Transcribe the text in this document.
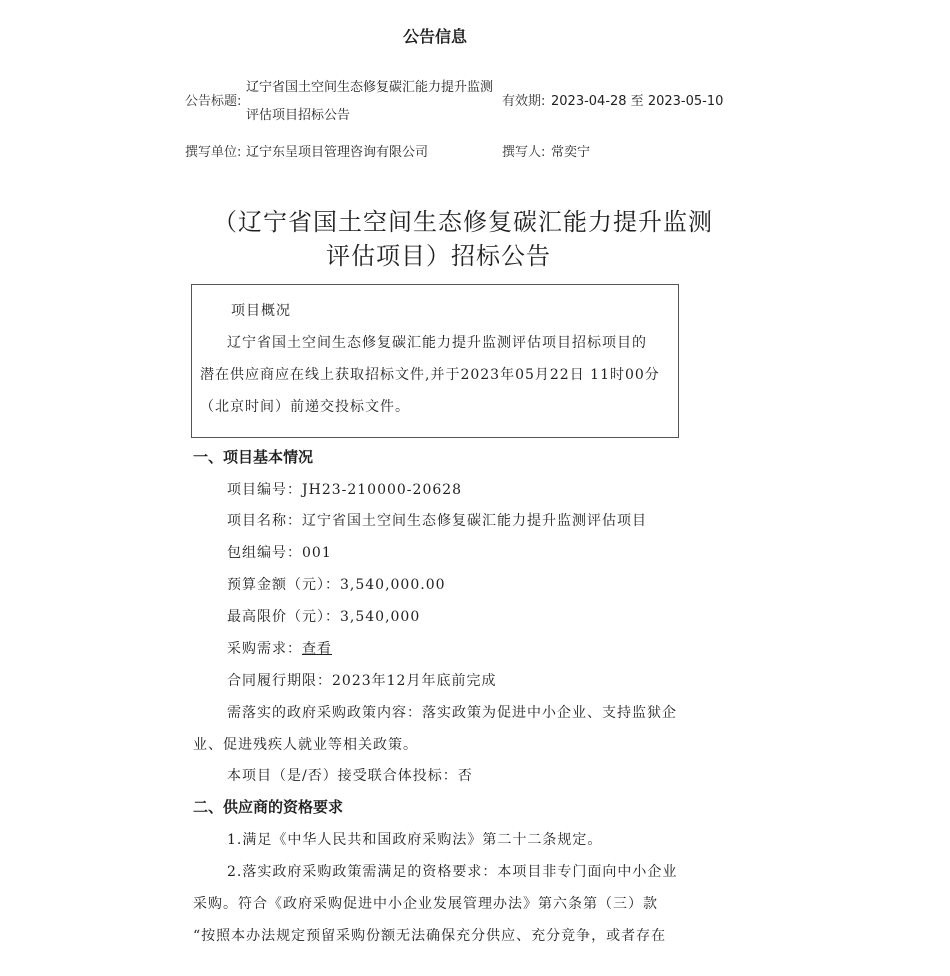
公告信息
公告标题:
辽宁省国土空间生态修复碳汇能力提升监测
评估项目招标公告
有效期: 2023-04-28 至 2023-05-10
撰写单位: 辽宁东呈项目管理咨询有限公司	撰写人: 常奕宁
（辽宁省国土空间生态修复碳汇能力提升监测
评估项目）招标公告
项目概况
辽宁省国土空间生态修复碳汇能力提升监测评估项目招标项目的
潜在供应商应在线上获取招标文件,并于2023年05月22日 11时00分
（北京时间）前递交投标文件。
一、项目基本情况
项目编号：JH23-210000-20628
项目名称：辽宁省国土空间生态修复碳汇能力提升监测评估项目
包组编号：001
预算金额（元）：3,540,000.00
最高限价（元）：3,540,000
采购需求：查看
合同履行期限：2023年12月年底前完成
需落实的政府采购政策内容：落实政策为促进中小企业、支持监狱企
业、促进残疾人就业等相关政策。
本项目（是/否）接受联合体投标：否
二、供应商的资格要求
1.满足《中华人民共和国政府采购法》第二十二条规定。
2.落实政府采购政策需满足的资格要求：本项目非专门面向中小企业
采购。符合《政府采购促进中小企业发展管理办法》第六条第（三）款
“按照本办法规定预留采购份额无法确保充分供应、充分竞争，或者存在
